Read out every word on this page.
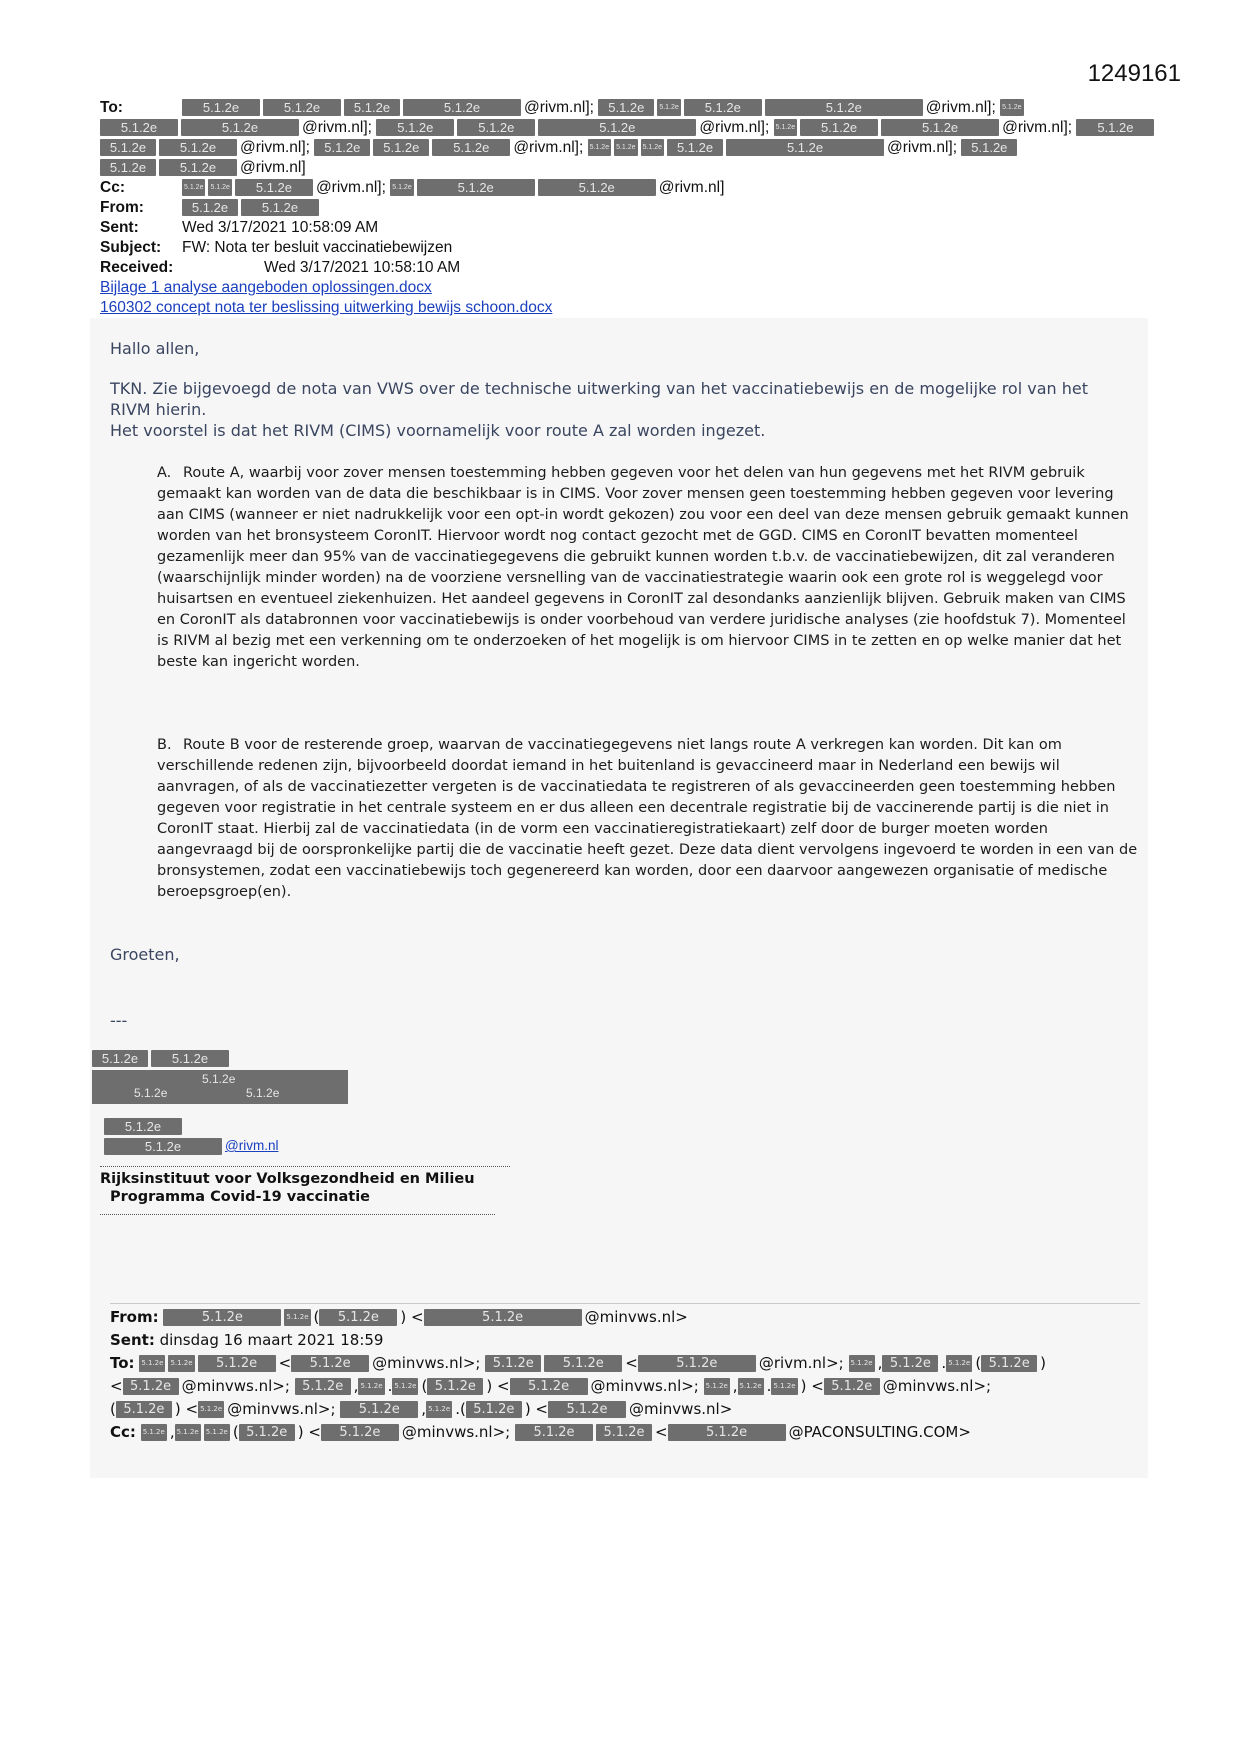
1249161
To:	5.1.2e	5.1.2e	5.1.2e	5.1.2e	@rivm.nl]; 5.1.2e 5.1.2e 5.1.2e	5.1.2e	@rivm.nl]; 5.1.2e
5.1.2e	5.1.2e	@rivm.nl]; 5.1.2e	5.1.2e	5.1.2e	@rivm.nl]; 5.1.2e 5.1.2e	5.1.2e	@rivm.nl]; 5.1.2e
5.1.2e	5.1.2e @rivm.nl]; 5.1.2e 5.1.2e	5.1.2e @rivm.nl]; 5.1.2e 5.1.2e 5.1.2e 5.1.2e	5.1.2e	@rivm.nl]; 5.1.2e
5.1.2e	5.1.2e @rivm.nl]
Cc:	5.1.2e 5.1.2e 5.1.2e @rivm.nl]; 5.1.2e	5.1.2e	5.1.2e	@rivm.nl]
From:	5.1.2e	5.1.2e
Sent:	Wed 3/17/2021 10:58:09 AM
Subject: FW: Nota ter besluit vaccinatiebewijzen
Received:	Wed 3/17/2021 10:58:10 AM
Bijlage 1 analyse aangeboden oplossingen.docx
160302 concept nota ter beslissing uitwerking bewijs schoon.docx
Hallo allen,
TKN. Zie bijgevoegd de nota van VWS over de technische uitwerking van het vaccinatiebewijs en de mogelijke rol van het RIVM hierin.
Het voorstel is dat het RIVM (CIMS) voornamelijk voor route A zal worden ingezet.
A. Route A, waarbij voor zover mensen toestemming hebben gegeven voor het delen van hun gegevens met het RIVM gebruik gemaakt kan worden van de data die beschikbaar is in CIMS. Voor zover mensen geen toestemming hebben gegeven voor levering aan CIMS (wanneer er niet nadrukkelijk voor een opt-in wordt gekozen) zou voor een deel van deze mensen gebruik gemaakt kunnen worden van het bronsysteem CoronIT. Hiervoor wordt nog contact gezocht met de GGD. CIMS en CoronIT bevatten momenteel gezamenlijk meer dan 95% van de vaccinatiegegevens die gebruikt kunnen worden t.b.v. de vaccinatiebewijzen, dit zal veranderen (waarschijnlijk minder worden) na de voorziene versnelling van de vaccinatiestrategie waarin ook een grote rol is weggelegd voor huisartsen en eventueel ziekenhuizen. Het aandeel gegevens in CoronIT zal desondanks aanzienlijk blijven. Gebruik maken van CIMS en CoronIT als databronnen voor vaccinatiebewijs is onder voorbehoud van verdere juridische analyses (zie hoofdstuk 7). Momenteel is RIVM al bezig met een verkenning om te onderzoeken of het mogelijk is om hiervoor CIMS in te zetten en op welke manier dat het beste kan ingericht worden.
B. Route B voor de resterende groep, waarvan de vaccinatiegegevens niet langs route A verkregen kan worden. Dit kan om verschillende redenen zijn, bijvoorbeeld doordat iemand in het buitenland is gevaccineerd maar in Nederland een bewijs wil aanvragen, of als de vaccinatiezetter vergeten is de vaccinatiedata te registreren of als gevaccineerden geen toestemming hebben gegeven voor registratie in het centrale systeem en er dus alleen een decentrale registratie bij de vaccinerende partij is die niet in CoronIT staat. Hierbij zal de vaccinatiedata (in de vorm een vaccinatieregistratiekaart) zelf door de burger moeten worden aangevraagd bij de oorspronkelijke partij die de vaccinatie heeft gezet. Deze data dient vervolgens ingevoerd te worden in een van de bronsystemen, zodat een vaccinatiebewijs toch gegenereerd kan worden, door een daarvoor aangewezen organisatie of medische beroepsgroep(en).
Groeten,
---
5.1.2e	5.1.2e
5.1.2e
5.1.2e	5.1.2e
5.1.2e
5.1.2e	@rivm.nl
Rijksinstituut voor Volksgezondheid en Milieu
Programma Covid-19 vaccinatie
From:	5.1.2e	5.1.2e ( 5.1.2e ) <	5.1.2e	@minvws.nl>
Sent: dinsdag 16 maart 2021 18:59
To: 5.1.2e 5.1.2e 5.1.2e < 5.1.2e @minvws.nl>; 5.1.2e 5.1.2e <	5.1.2e	@rivm.nl>; 5.1.2e , 5.1.2e . 5.1.2e ( 5.1.2e )
< 5.1.2e @minvws.nl>; 5.1.2e , 5.1.2e . 5.1.2e ( 5.1.2e ) < 5.1.2e @minvws.nl>; 5.1.2e , 5.1.2e . 5.1.2e ) < 5.1.2e @minvws.nl>;
( 5.1.2e ) < 5.1.2e @minvws.nl>; 5.1.2e , 5.1.2e .( 5.1.2e ) < 5.1.2e @minvws.nl>
Cc: 5.1.2e , 5.1.2e 5.1.2e ( 5.1.2e ) < 5.1.2e @minvws.nl>; 5.1.2e 5.1.2e <	5.1.2e	@PACONSULTING.COM>
